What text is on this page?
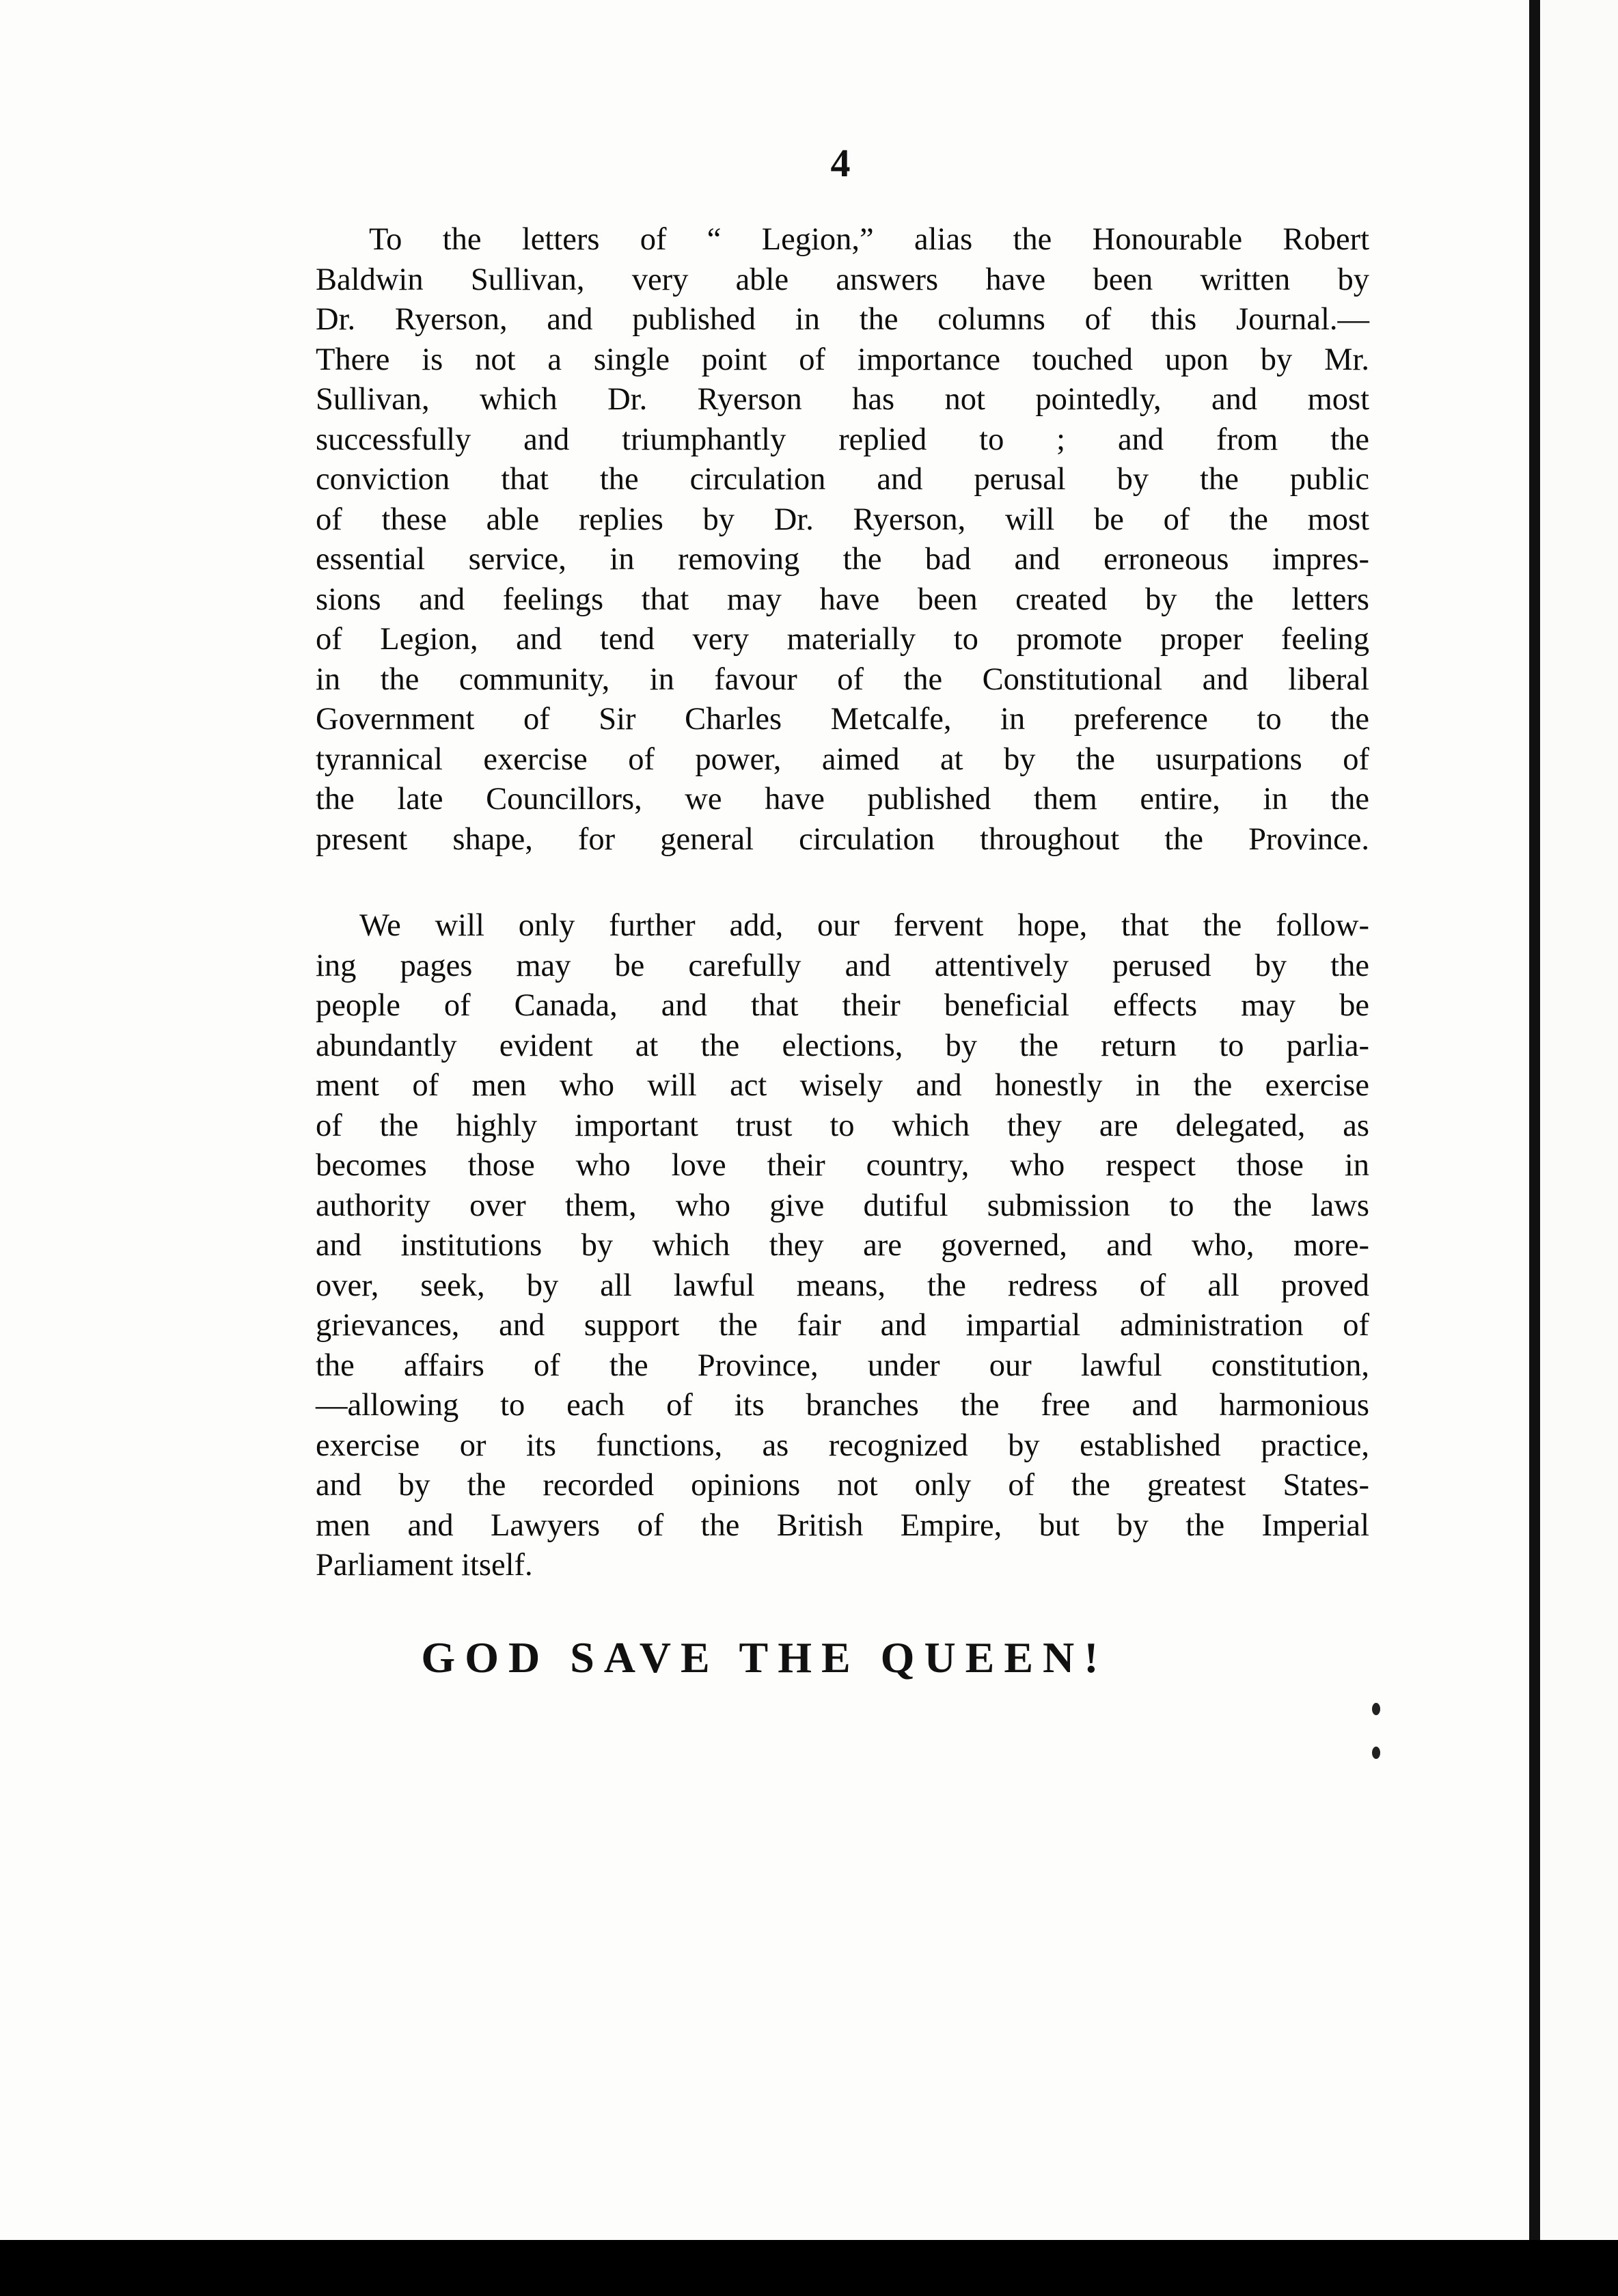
4
To the letters of “ Legion,” alias the Honourable Robert
Baldwin Sullivan, very able answers have been written by
Dr. Ryerson, and published in the columns of this Journal.—
There is not a single point of importance touched upon by Mr.
Sullivan, which Dr. Ryerson has not pointedly, and most
successfully and triumphantly replied to ; and from the
conviction that the circulation and perusal by the public
of these able replies by Dr. Ryerson, will be of the most
essential service, in removing the bad and erroneous impres-
sions and feelings that may have been created by the letters
of Legion, and tend very materially to promote proper feeling
in the community, in favour of the Constitutional and liberal
Government of Sir Charles Metcalfe, in preference to the
tyrannical exercise of power, aimed at by the usurpations of
the late Councillors, we have published them entire, in the
present shape, for general circulation throughout the Province.
We will only further add, our fervent hope, that the follow-
ing pages may be carefully and attentively perused by the
people of Canada, and that their beneficial effects may be
abundantly evident at the elections, by the return to parlia-
ment of men who will act wisely and honestly in the exercise
of the highly important trust to which they are delegated, as
becomes those who love their country, who respect those in
authority over them, who give dutiful submission to the laws
and institutions by which they are governed, and who, more-
over, seek, by all lawful means, the redress of all proved
grievances, and support the fair and impartial administration of
the affairs of the Province, under our lawful constitution,
—allowing to each of its branches the free and harmonious
exercise or its functions, as recognized by established practice,
and by the recorded opinions not only of the greatest States-
men and Lawyers of the British Empire, but by the Imperial
Parliament itself.
GOD SAVE THE QUEEN!
